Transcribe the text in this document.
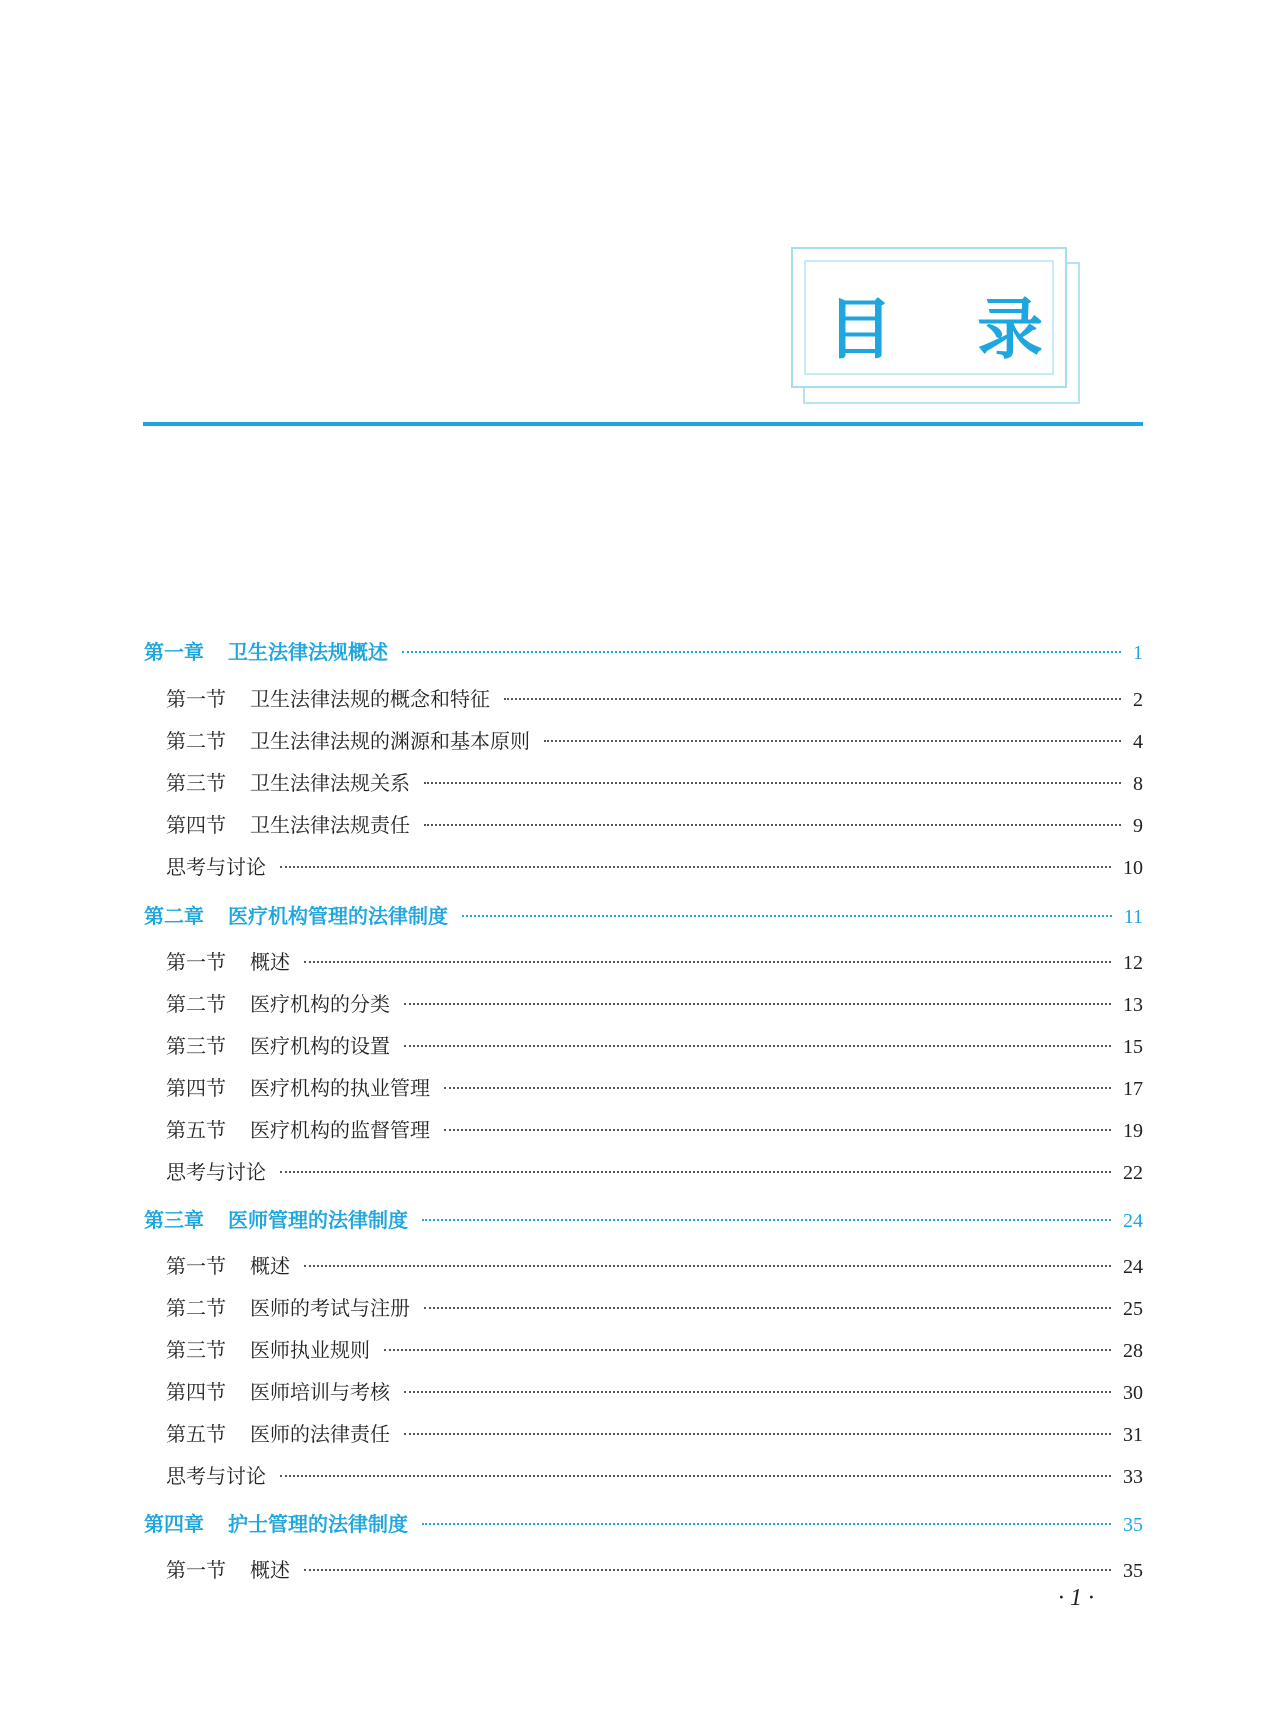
目 录
第一章 卫生法律法规概述	1
第一节 卫生法律法规的概念和特征	2
第二节 卫生法律法规的渊源和基本原则	4
第三节 卫生法律法规关系	8
第四节 卫生法律法规责任	9
思考与讨论	10
第二章 医疗机构管理的法律制度	11
第一节 概述	12
第二节 医疗机构的分类	13
第三节 医疗机构的设置	15
第四节 医疗机构的执业管理	17
第五节 医疗机构的监督管理	19
思考与讨论	22
第三章 医师管理的法律制度	24
第一节 概述	24
第二节 医师的考试与注册	25
第三节 医师执业规则	28
第四节 医师培训与考核	30
第五节 医师的法律责任	31
思考与讨论	33
第四章 护士管理的法律制度	35
第一节 概述	35
· 1 ·
